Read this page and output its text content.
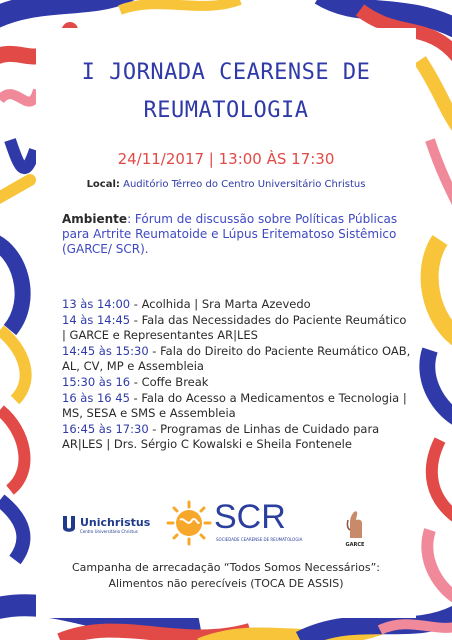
I JORNADA CEARENSE DE
REUMATOLOGIA
24/11/2017 | 13:00 ÀS 17:30
Local: Auditório Térreo do Centro Universitário Christus
Ambiente: Fórum de discussão sobre Políticas Públicas para Artrite Reumatoide e Lúpus Eritematoso Sistêmico (GARCE/ SCR).
13 às 14:00 - Acolhida | Sra Marta Azevedo
14 às 14:45 - Fala das Necessidades do Paciente Reumático | GARCE e Representantes AR|LES
14:45 às 15:30 - Fala do Direito do Paciente Reumático OAB, AL, CV, MP e Assembleia
15:30 às 16 - Coffe Break
16 às 16 45 - Fala do Acesso a Medicamentos e Tecnologia | MS, SESA e SMS e Assembleia
16:45 às 17:30 - Programas de Linhas de Cuidado para AR|LES | Drs. Sérgio C Kowalski e Sheila Fontenele
Unichristus
Centro Universitário Christus	SCR
SOCIEDADE CEARENSE DE REUMATOLOGIA
GARCE
Campanha de arrecadação “Todos Somos Necessários”:
Alimentos não perecíveis (TOCA DE ASSIS)
